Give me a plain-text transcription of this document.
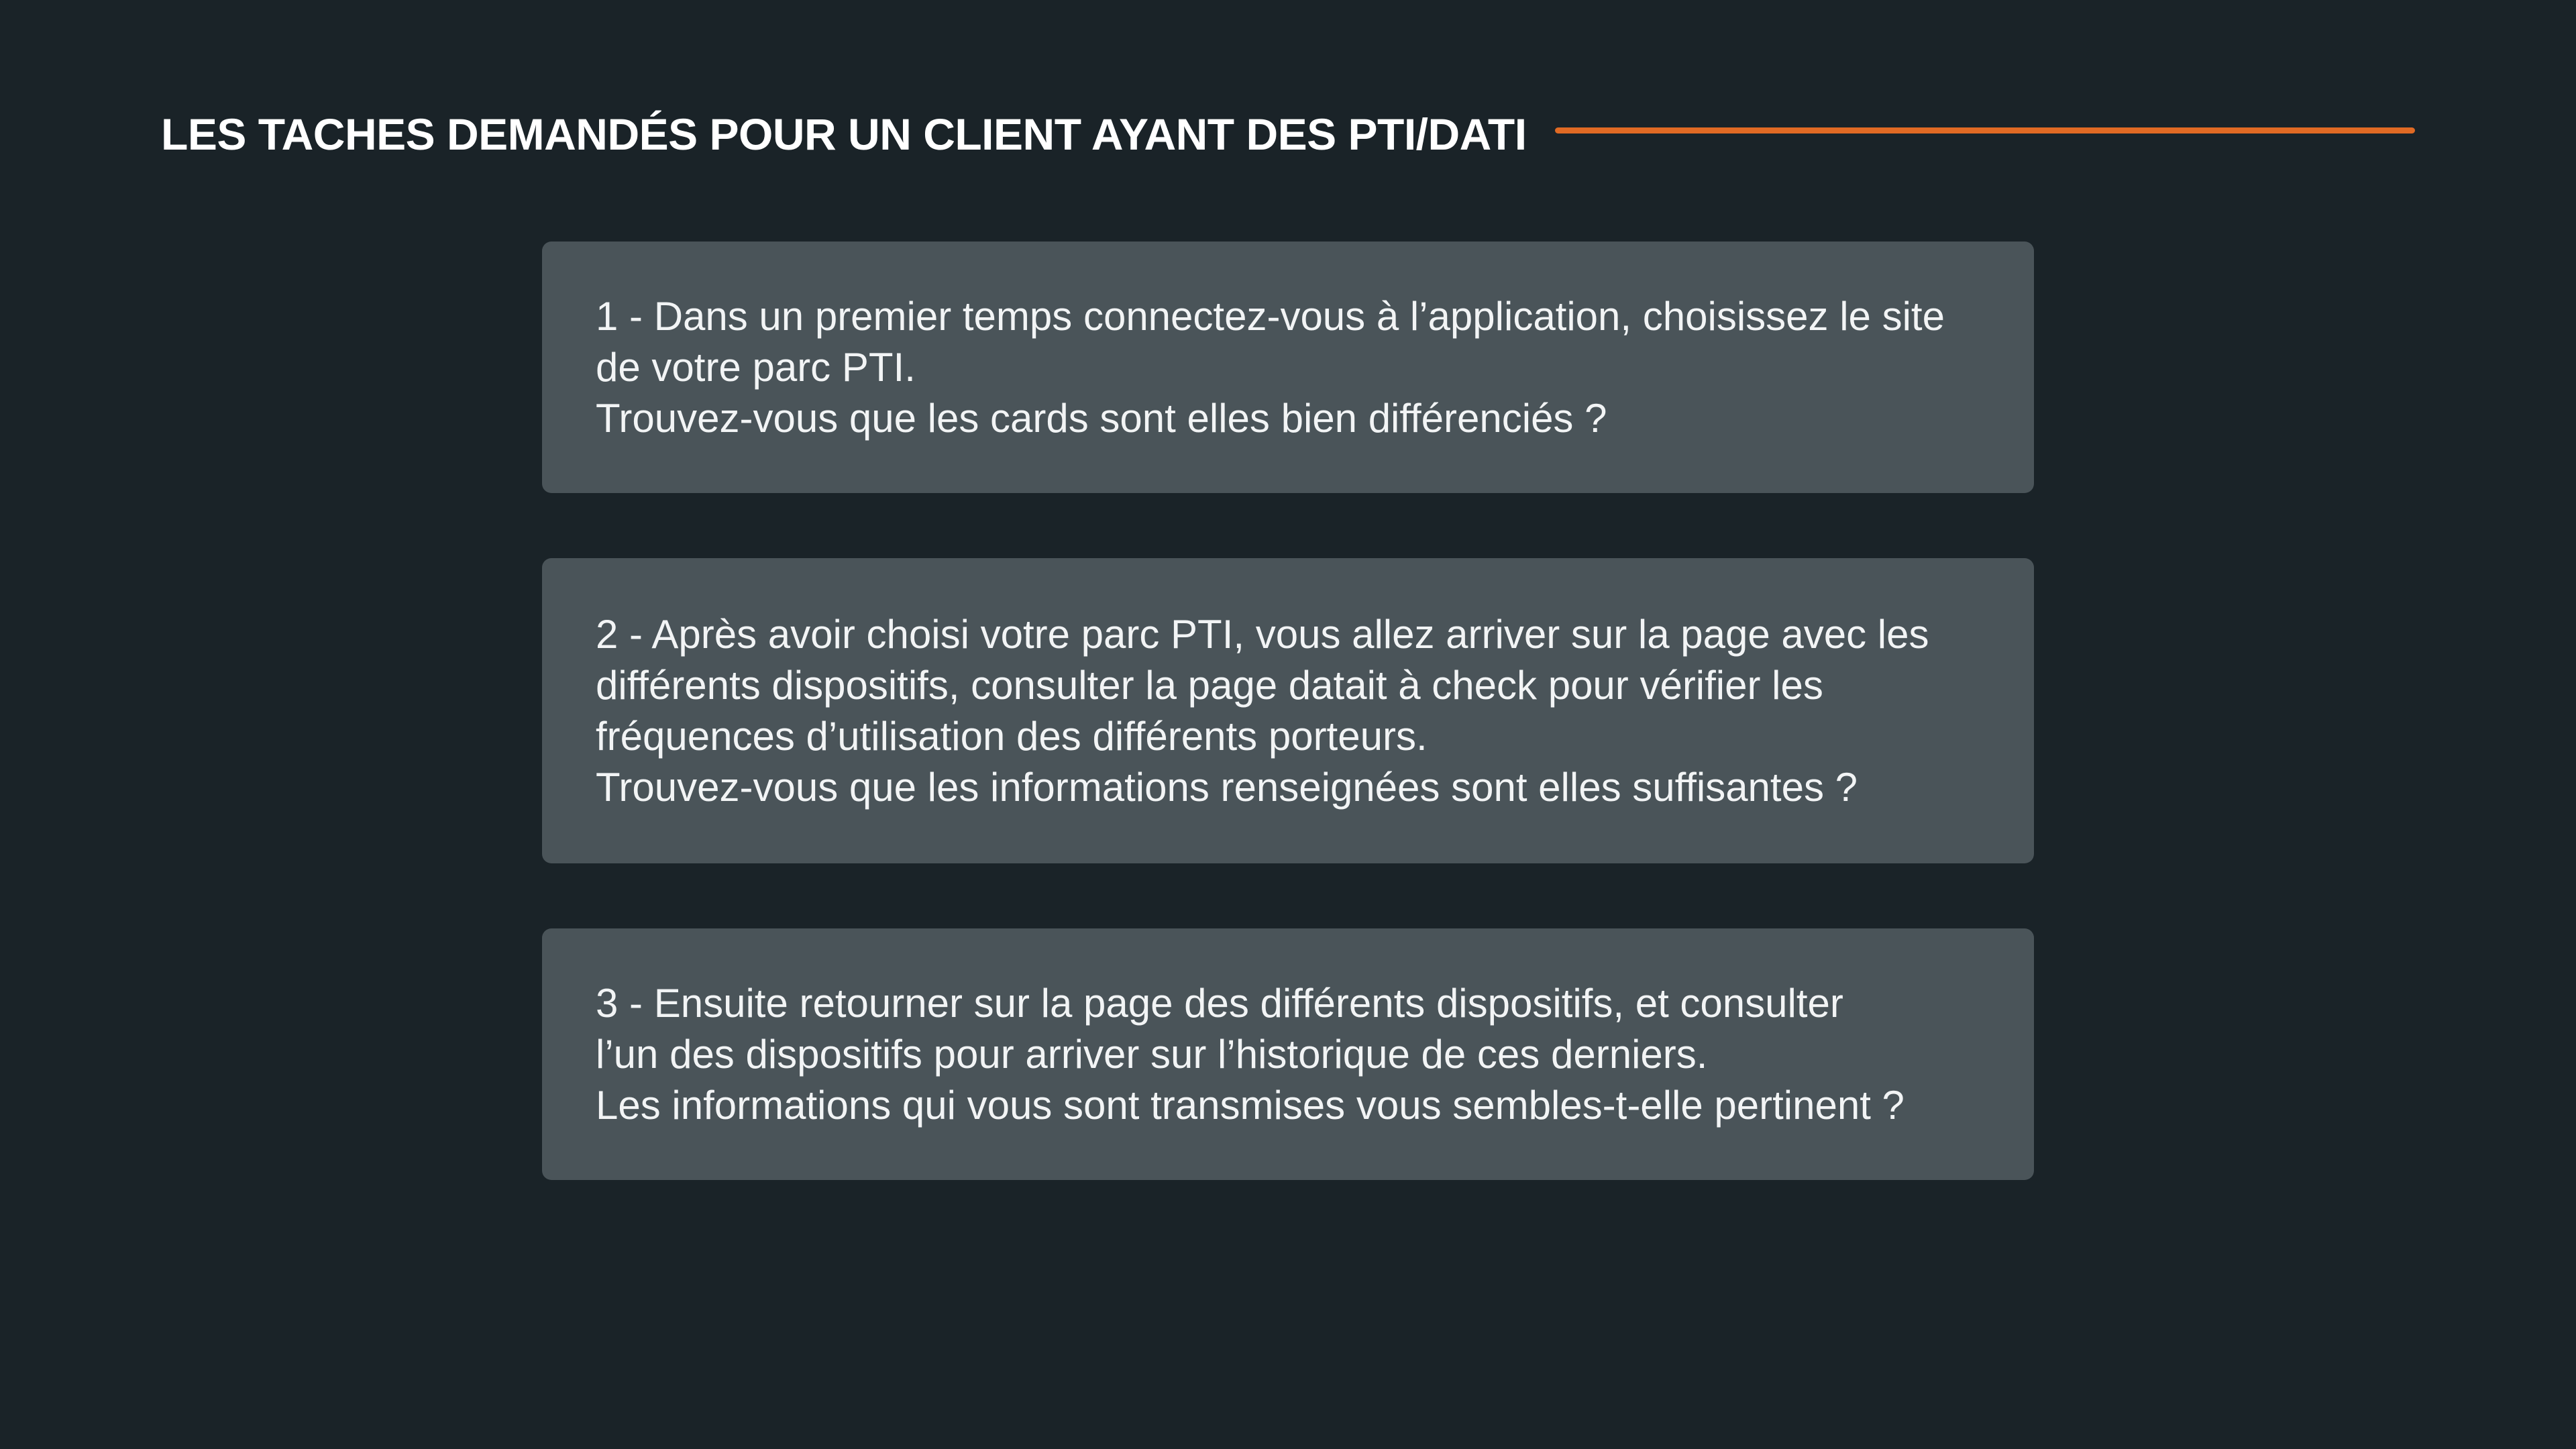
LES TACHES DEMANDÉS POUR UN CLIENT AYANT DES PTI/DATI
1 - Dans un premier temps connectez-vous à l’application, choisissez le site
de votre parc PTI.
Trouvez-vous que les cards sont elles bien différenciés ?
2 - Après avoir choisi votre parc PTI, vous allez arriver sur la page avec les
différents dispositifs, consulter la page datait à check pour vérifier les
fréquences d’utilisation des différents porteurs.
Trouvez-vous que les informations renseignées sont elles suffisantes ?
3 - Ensuite retourner sur la page des différents dispositifs, et consulter
l’un des dispositifs pour arriver sur l’historique de ces derniers.
Les informations qui vous sont transmises vous sembles-t-elle pertinent ?
